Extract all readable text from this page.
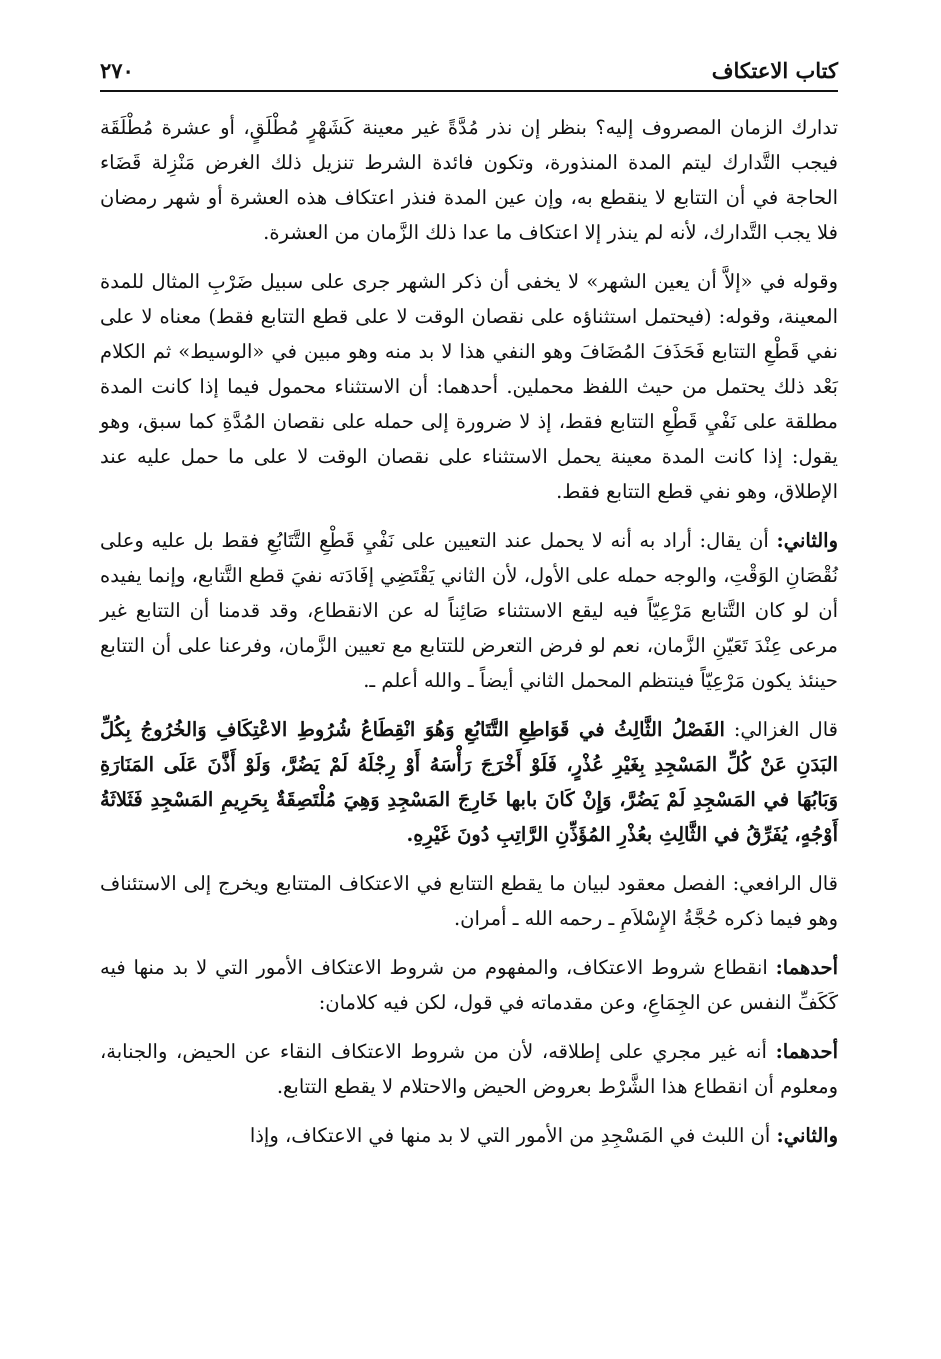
كتاب الاعتكاف
٢٧٠

تدارك الزمان المصروف إليه؟ بنظر إن نذر مُدَّةً غير معينة كَشَهْرٍ مُطْلَقٍ، أو عشرة مُطْلَقَة فيجب التَّدارك ليتم المدة المنذورة، وتكون فائدة الشرط تنزيل ذلك الغرض مَنْزِلة قَضَاء الحاجة في أن التتابع لا ينقطع به، وإن عين المدة فنذر اعتكاف هذه العشرة أو شهر رمضان فلا يجب التَّدارك، لأنه لم ينذر إلا اعتكاف ما عدا ذلك الزَّمان من العشرة.

وقوله في «إلاَّ أن يعين الشهر» لا يخفى أن ذكر الشهر جرى على سبيل ضَرْبِ المثال للمدة المعينة، وقوله: (فيحتمل استثناؤه على نقصان الوقت لا على قطع التتابع فقط) معناه لا على نفي قَطْعِ التتابع فَحَذَفَ المُضَافَ وهو النفي هذا لا بد منه وهو مبين في «الوسيط» ثم الكلام بَعْد ذلك يحتمل من حيث اللفظ محملين. أحدهما: أن الاستثناء محمول فيما إذا كانت المدة مطلقة على نَفْيِ قَطْعِ التتابع فقط، إذ لا ضرورة إلى حمله على نقصان المُدَّةِ كما سبق، وهو يقول: إذا كانت المدة معينة يحمل الاستثناء على نقصان الوقت لا على ما حمل عليه عند الإطلاق، وهو نفي قطع التتابع فقط.

والثاني: أن يقال: أراد به أنه لا يحمل عند التعيين على نَفْيِ قَطْعِ التَّتَابُعِ فقط بل عليه وعلى نُقْصَانِ الوَقْتِ، والوجه حمله على الأول، لأن الثاني يَقْتَضِي إفَادَته نفيَ قطع التَّتابع، وإنما يفيده أن لو كان التَّتابع مَرْعِيّاً فيه ليقع الاستثناء صَائِناً له عن الانقطاع، وقد قدمنا أن التتابع غير مرعى عِنْدَ تَعَيّنِ الزَّمان، نعم لو فرض التعرض للتتابع مع تعيين الزَّمان، وفرعنا على أن التتابع حينئذ يكون مَرْعِيّاً فينتظم المحمل الثاني أيضاً ـ والله أعلم ـ.

قال الغزالي: الفَصْلُ الثَّالِثُ في قَوَاطِعِ التَّتَابُعِ وَهُوَ انْقِطَاعُ شُرُوطِ الاعْتِكَافِ وَالخُرُوجُ بِكُلِّ البَدَنِ عَنْ كُلِّ المَسْجِدِ بِغَيْرِ عُذْرٍ، فَلَوْ أَخْرَجَ رَأْسَهُ أَوْ رِجْلَهُ لَمْ يَضُرَّ، وَلَوْ أَذَّنَ عَلَى المَنَارَةِ وَبَابُهَا في المَسْجِدِ لَمْ يَضُرَّ، وَإِنْ كَانَ بابها خَارِجَ المَسْجِدِ وَهِيَ مُلْتَصِقَةٌ بِحَرِيمِ المَسْجِدِ فَثَلاثَةُ أَوْجُهٍ، يُفَرِّقُ في الثَّالِثِ بعُذْرِ المُؤَذِّنِ الرَّاتِبِ دُونَ غَيْرِهِ.

قال الرافعي: الفصل معقود لبيان ما يقطع التتابع في الاعتكاف المتتابع ويخرج إلى الاستئناف وهو فيما ذكره حُجَّةُ الإِسْلاَمِ ـ رحمه الله ـ أمران.

أحدهما: انقطاع شروط الاعتكاف، والمفهوم من شروط الاعتكاف الأمور التي لا بد منها فيه كَكَفِّ النفس عن الجِمَاعِ، وعن مقدماته في قول، لكن فيه كلامان:

أحدهما: أنه غير مجري على إطلاقه، لأن من شروط الاعتكاف النقاء عن الحيض، والجنابة، ومعلوم أن انقطاع هذا الشَّرْط بعروض الحيض والاحتلام لا يقطع التتابع.

والثاني: أن اللبث في المَسْجِدِ من الأمور التي لا بد منها في الاعتكاف، وإذا
